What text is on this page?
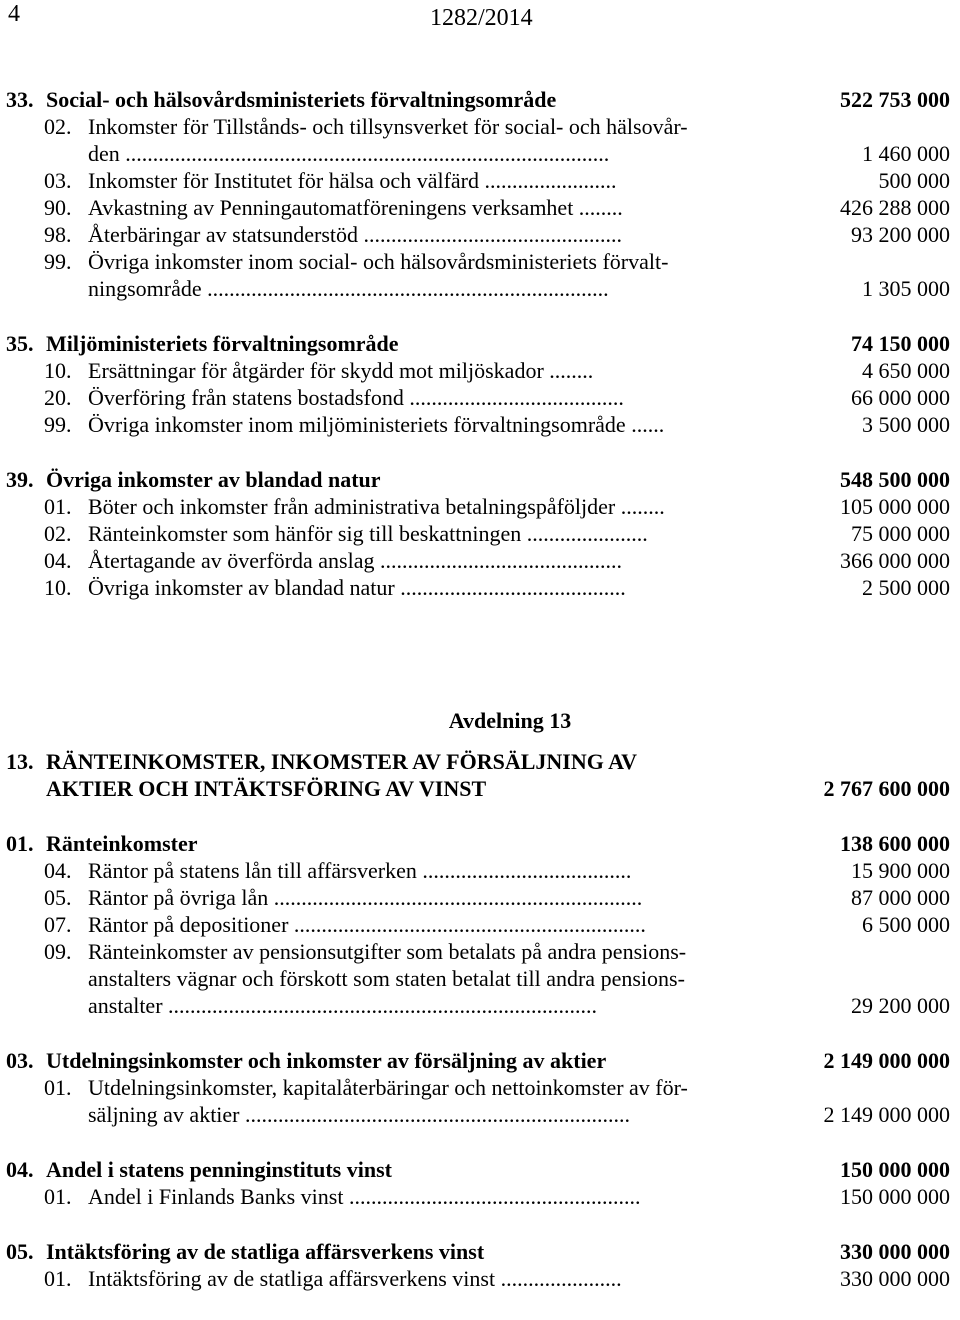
4	1282/2014
33. Social- och hälsovårdsministeriets förvaltningsområde	522 753 000
02. Inkomster för Tillstånds- och tillsynsverket för social- och hälsovår-
den ........................................................................................	1 460 000
03. Inkomster för Institutet för hälsa och välfärd ........................	500 000
90. Avkastning av Penningautomatföreningens verksamhet ........	426 288 000
98. Återbäringar av statsunderstöd ...............................................	93 200 000
99. Övriga inkomster inom social- och hälsovårdsministeriets förvalt-
ningsområde .........................................................................	1 305 000
35. Miljöministeriets förvaltningsområde	74 150 000
10. Ersättningar för åtgärder för skydd mot miljöskador ........	4 650 000
20. Överföring från statens bostadsfond .......................................	66 000 000
99. Övriga inkomster inom miljöministeriets förvaltningsområde ......	3 500 000
39. Övriga inkomster av blandad natur	548 500 000
01. Böter och inkomster från administrativa betalningspåföljder ........	105 000 000
02. Ränteinkomster som hänför sig till beskattningen ......................	75 000 000
04. Återtagande av överförda anslag ............................................	366 000 000
10. Övriga inkomster av blandad natur .........................................	2 500 000
Avdelning 13
13. RÄNTEINKOMSTER, INKOMSTER AV FÖRSÄLJNING AV
AKTIER OCH INTÄKTSFÖRING AV VINST	2 767 600 000
01. Ränteinkomster	138 600 000
04. Räntor på statens lån till affärsverken ......................................	15 900 000
05. Räntor på övriga lån ...................................................................	87 000 000
07. Räntor på depositioner ................................................................	6 500 000
09. Ränteinkomster av pensionsutgifter som betalats på andra pensions-
anstalters vägnar och förskott som staten betalat till andra pensions-
anstalter ..............................................................................	29 200 000
03. Utdelningsinkomster och inkomster av försäljning av aktier	2 149 000 000
01. Utdelningsinkomster, kapitalåterbäringar och nettoinkomster av för-
säljning av aktier ......................................................................	2 149 000 000
04. Andel i statens penninginstituts vinst	150 000 000
01. Andel i Finlands Banks vinst .....................................................	150 000 000
05. Intäktsföring av de statliga affärsverkens vinst	330 000 000
01. Intäktsföring av de statliga affärsverkens vinst ......................	330 000 000
